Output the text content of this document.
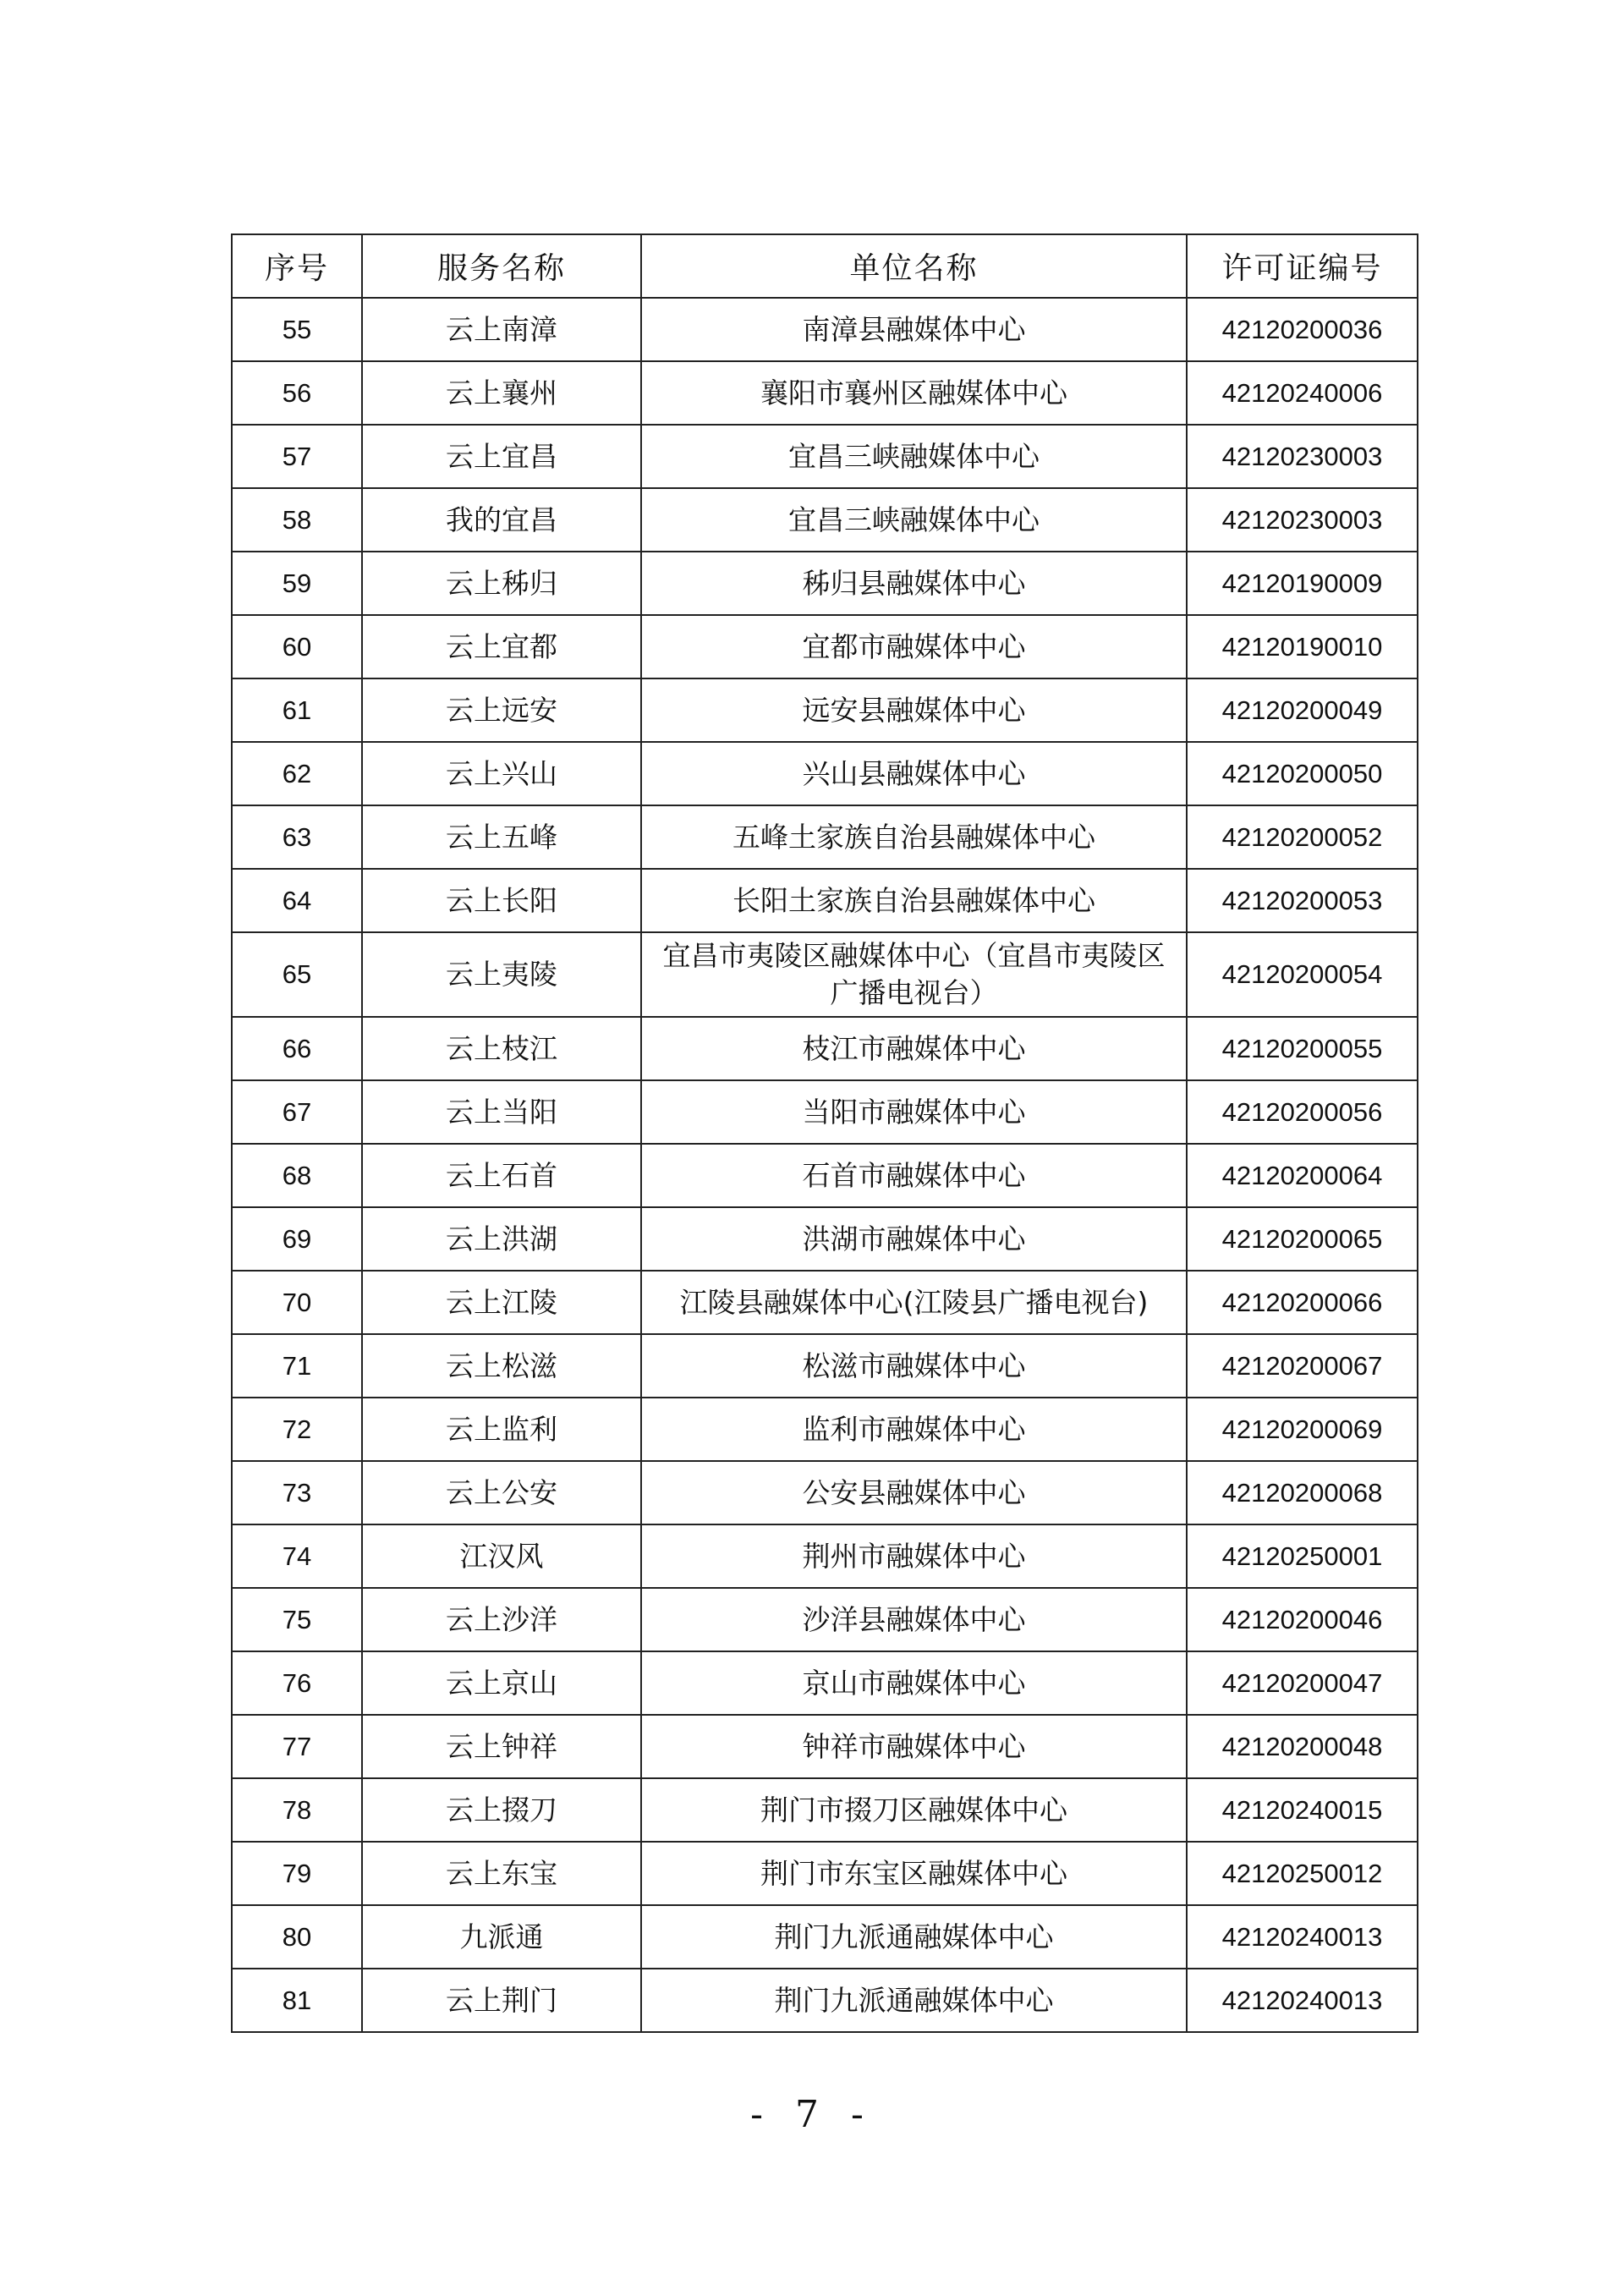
序号	服务名称	单位名称	许可证编号
55	云上南漳	南漳县融媒体中心	42120200036
56	云上襄州	襄阳市襄州区融媒体中心	42120240006
57	云上宜昌	宜昌三峡融媒体中心	42120230003
58	我的宜昌	宜昌三峡融媒体中心	42120230003
59	云上秭归	秭归县融媒体中心	42120190009
60	云上宜都	宜都市融媒体中心	42120190010
61	云上远安	远安县融媒体中心	42120200049
62	云上兴山	兴山县融媒体中心	42120200050
63	云上五峰	五峰土家族自治县融媒体中心	42120200052
64	云上长阳	长阳土家族自治县融媒体中心	42120200053
65	云上夷陵	宜昌市夷陵区融媒体中心（宜昌市夷陵区广播电视台）	42120200054
66	云上枝江	枝江市融媒体中心	42120200055
67	云上当阳	当阳市融媒体中心	42120200056
68	云上石首	石首市融媒体中心	42120200064
69	云上洪湖	洪湖市融媒体中心	42120200065
70	云上江陵	江陵县融媒体中心(江陵县广播电视台)	42120200066
71	云上松滋	松滋市融媒体中心	42120200067
72	云上监利	监利市融媒体中心	42120200069
73	云上公安	公安县融媒体中心	42120200068
74	江汉风	荆州市融媒体中心	42120250001
75	云上沙洋	沙洋县融媒体中心	42120200046
76	云上京山	京山市融媒体中心	42120200047
77	云上钟祥	钟祥市融媒体中心	42120200048
78	云上掇刀	荆门市掇刀区融媒体中心	42120240015
79	云上东宝	荆门市东宝区融媒体中心	42120250012
80	九派通	荆门九派通融媒体中心	42120240013
81	云上荆门	荆门九派通融媒体中心	42120240013
- 7 -
